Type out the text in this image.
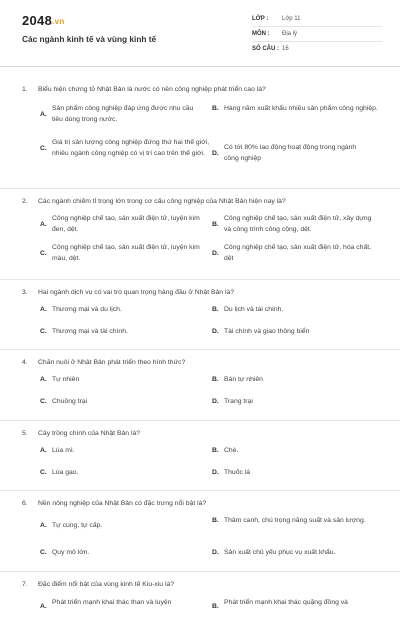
2048.vn
Các ngành kinh tế và vùng kinh tế
LỚP :	Lớp 11
MÔN :	Địa lý
SỐ CÂU : 16
1. Biểu hiện chứng tỏ Nhật Bản là nước có nền công nghiệp phát triển cao là?
A.
Sản phẩm công nghiệp đáp ứng được nhu cầu tiêu dùng trong nước.
B. Hàng năm xuất khẩu nhiều sản phẩm công nghiệp.
C.
Giá trị sản lượng công nghiệp đứng thứ hai thế giới, nhiều ngành công nghiệp có vị trí cao trên thế giới.	D.
Có tới 80% lao động hoạt động trong ngành công nghiệp
2. Các ngành chiếm tỉ trọng lớn trong cơ cấu công nghiệp của Nhật Bản hiện nay là?
A.
Công nghiệp chế tạo, sản xuất điện tử, luyện kim đen, dệt.
B.
Công nghiệp chế tạo, sản xuất điện tử, xây dựng và công trình công cộng, dệt.
C.
Công nghiệp chế tạo, sản xuất điện tử, luyện kim màu, dệt.
D.
Công nghiệp chế tạo, sản xuất điện tử, hóa chất, dệt
3. Hai ngành dịch vụ có vai trò quan trọng hàng đầu ở Nhật Bản là?
A. Thương mại và du lịch.	B. Du lịch và tài chính.
C. Thương mại và tài chính.	D. Tài chính và giao thông biển
4. Chăn nuôi ở Nhật Bản phát triển theo hình thức?
A. Tự nhiên	B. Bán tự nhiên
C. Chuồng trại	D. Trang trại
5. Cây trồng chính của Nhật Bản là?
A. Lúa mì.	B. Chè.
C. Lúa gạo.	D. Thuốc lá
6. Nền nông nghiệp của Nhật Bản có đặc trưng nổi bật là?
A. Tự cung, tự cấp.
B. Thâm canh, chú trọng năng suất và sản lượng.
C. Quy mô lớn.	D. Sản xuất chủ yếu phục vụ xuất khẩu.
7. Đặc điểm nổi bật của vùng kinh tế Kiu-xiu là?
A.
Phát triển mạnh khai thác than và luyện
B.
Phát triển mạnh khai thác quặng đồng và
